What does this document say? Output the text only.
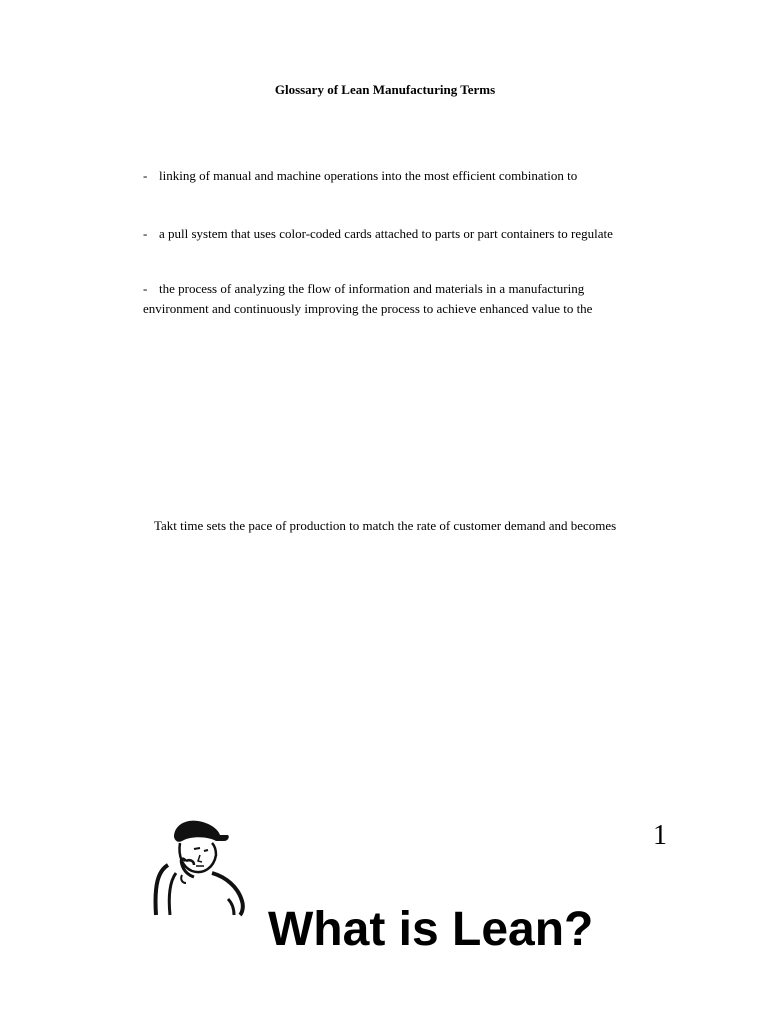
Glossary of Lean Manufacturing Terms
- linking of manual and machine operations into the most efficient combination to
- a pull system that uses color-coded cards attached to parts or part containers to regulate
- the process of analyzing the flow of information and materials in a manufacturing
environment and continuously improving the process to achieve enhanced value to the
Takt time sets the pace of production to match the rate of customer demand and becomes
1
What is Lean?
